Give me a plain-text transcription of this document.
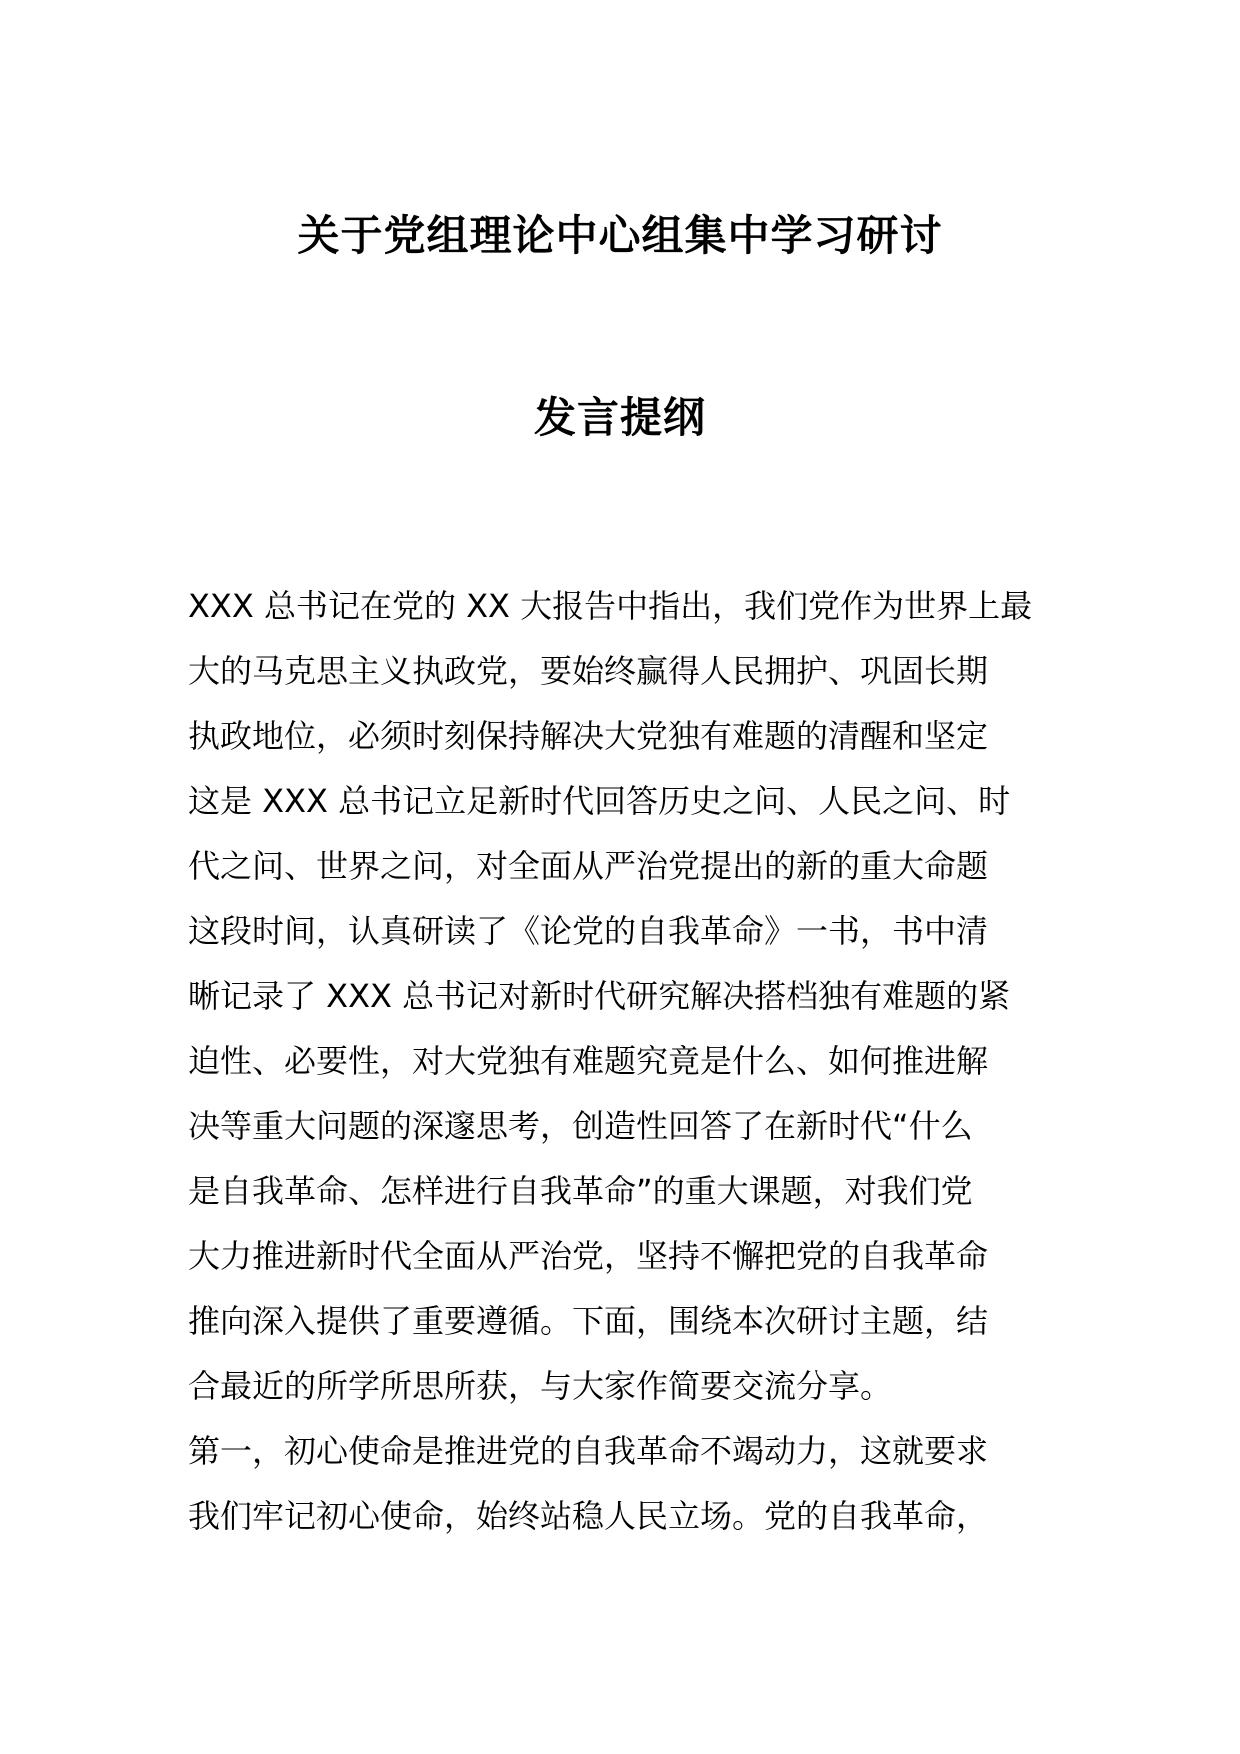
关于党组理论中心组集中学习研讨
发言提纲
XXX 总书记在党的 XX 大报告中指出，我们党作为世界上最
大的马克思主义执政党，要始终赢得人民拥护、巩固长期
执政地位，必须时刻保持解决大党独有难题的清醒和坚定
这是 XXX 总书记立足新时代回答历史之问、人民之问、时
代之问、世界之问，对全面从严治党提出的新的重大命题
这段时间，认真研读了《论党的自我革命》一书，书中清
晰记录了 XXX 总书记对新时代研究解决搭档独有难题的紧
迫性、必要性，对大党独有难题究竟是什么、如何推进解
决等重大问题的深邃思考，创造性回答了在新时代“什么
是自我革命、怎样进行自我革命”的重大课题，对我们党
大力推进新时代全面从严治党，坚持不懈把党的自我革命
推向深入提供了重要遵循。下面，围绕本次研讨主题，结
合最近的所学所思所获，与大家作简要交流分享。
第一，初心使命是推进党的自我革命不竭动力，这就要求
我们牢记初心使命，始终站稳人民立场。党的自我革命，
